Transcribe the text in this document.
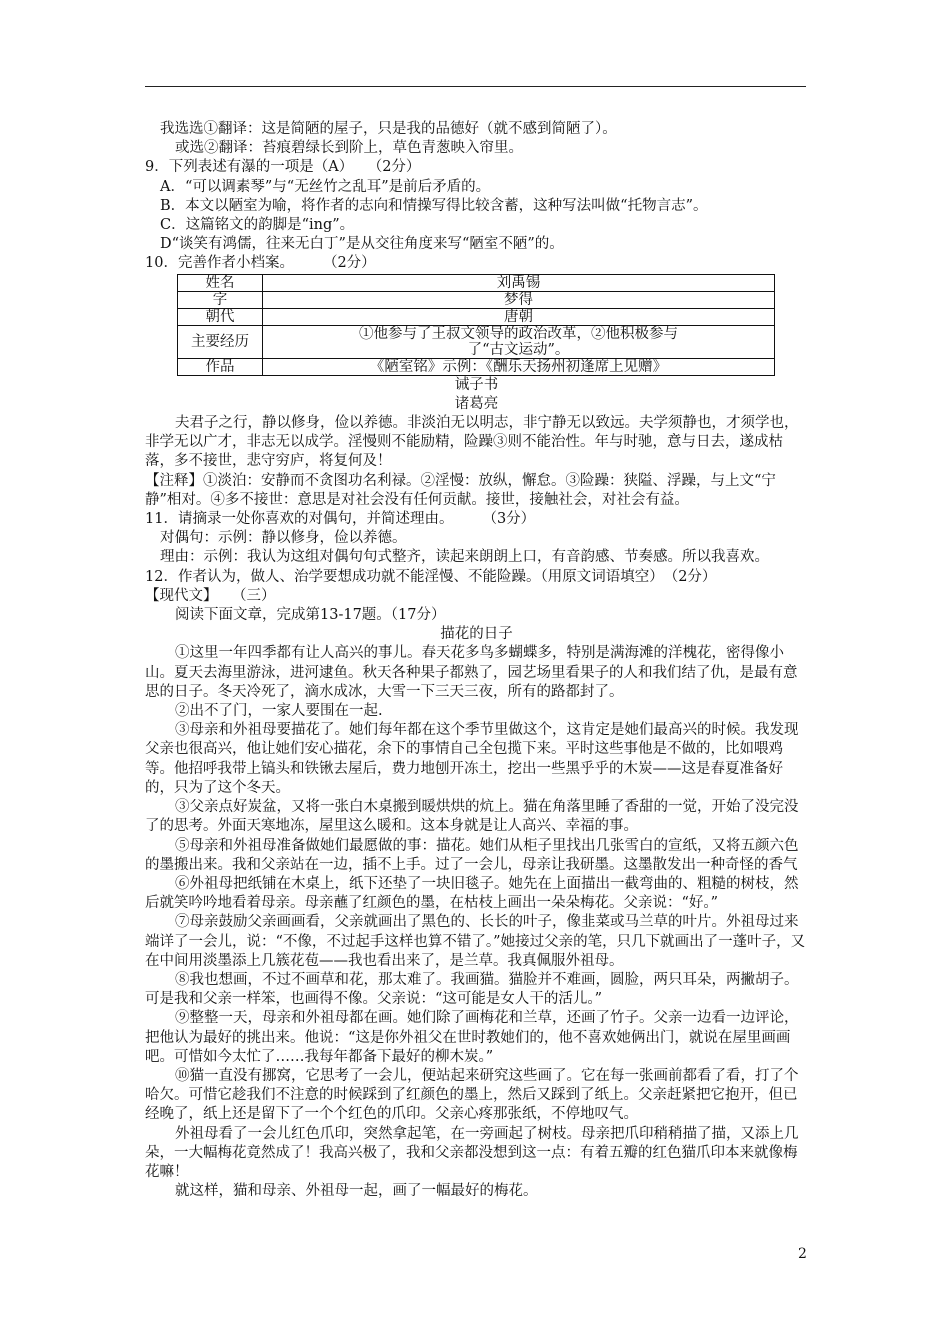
我选选①翻译：这是简陋的屋子，只是我的品德好（就不感到简陋了）。

或选②翻译：苔痕碧绿长到阶上，草色青葱映入帘里。

9．下列表述有瀑的一项是（A）　　（2分）

A．“可以调素琴”与“无丝竹之乱耳”是前后矛盾的。

B．本文以陋室为喻，将作者的志向和情操写得比较含蓄，这种写法叫做“托物言志”。

C．这篇铭文的韵脚是“ing”。

D“谈笑有鸿儒，往来无白丁”是从交往角度来写“陋室不陋”的。

10．完善作者小档案。　　　（2分）

姓名	刘禹锡
字	梦得
朝代	唐朝
主要经历	①他参与了王叔文领导的政治改革，②他积极参与了“古文运动”。
作品	《陋室铭》示例：《酬乐天扬州初逢席上见赠》

诫子书

诸葛亮

夫君子之行，静以修身，俭以养德。非淡泊无以明志，非宁静无以致远。夫学须静也，才须学也，非学无以广才，非志无以成学。淫慢则不能励精，险躁③则不能治性。年与时驰，意与日去，遂成枯落，多不接世，悲守穷庐，将复何及！

【注释】①淡泊：安静而不贪图功名利禄。②淫慢：放纵，懈怠。③险躁：狭隘、浮躁，与上文“宁静”相对。④多不接世：意思是对社会没有任何贡献。接世，接触社会，对社会有益。

11．请摘录一处你喜欢的对偶句，并简述理由。　　　（3分）

对偶句：示例：静以修身，俭以养德。

理由：示例：我认为这组对偶句句式整齐，读起来朗朗上口，有音韵感、节奏感。所以我喜欢。

12．作者认为，做人、治学要想成功就不能淫慢、不能险躁。（用原文词语填空）　（2分）

【现代文】　　（三）

阅读下面文章，完成第13-17题。（17分）

描花的日子

①这里一年四季都有让人高兴的事儿。春天花多鸟多蝴蝶多，特别是满海滩的洋槐花，密得像小山。夏天去海里游泳，进河逮鱼。秋天各种果子都熟了，园艺场里看果子的人和我们结了仇，是最有意思的日子。冬天冷死了，滴水成冰，大雪一下三天三夜，所有的路都封了。

②出不了门，一家人要围在一起.

③母亲和外祖母要描花了。她们每年都在这个季节里做这个，这肯定是她们最高兴的时候。我发现父亲也很高兴，他让她们安心描花，余下的事情自己全包揽下来。平时这些事他是不做的，比如喂鸡等。他招呼我带上镐头和铁锹去屋后，费力地刨开冻土，挖出一些黑乎乎的木炭——这是春夏准备好的，只为了这个冬天。

③父亲点好炭盆，又将一张白木桌搬到暖烘烘的炕上。猫在角落里睡了香甜的一觉，开始了没完没了的思考。外面天寒地冻，屋里这么暖和。这本身就是让人高兴、幸福的事。

⑤母亲和外祖母准备做她们最愿做的事：描花。她们从柜子里找出几张雪白的宣纸，又将五颜六色的墨搬出来。我和父亲站在一边，插不上手。过了一会儿，母亲让我研墨。这墨散发出一种奇怪的香气

⑥外祖母把纸铺在木桌上，纸下还垫了一块旧毯子。她先在上面描出一截弯曲的、粗糙的树枝，然后就笑吟吟地看着母亲。母亲蘸了红颜色的墨，在枯枝上画出一朵朵梅花。父亲说：“好。”

⑦母亲鼓励父亲画画看，父亲就画出了黑色的、长长的叶子，像韭菜或马兰草的叶片。外祖母过来端详了一会儿，说：“不像，不过起手这样也算不错了。”她接过父亲的笔，只几下就画出了一蓬叶子，又在中间用淡墨添上几簇花苞——我也看出来了，是兰草。我真佩服外祖母。

⑧我也想画，不过不画草和花，那太难了。我画猫。猫脸并不难画，圆脸，两只耳朵，两撇胡子。可是我和父亲一样笨，也画得不像。父亲说：“这可能是女人干的活儿。”

⑨整整一天，母亲和外祖母都在画。她们除了画梅花和兰草，还画了竹子。父亲一边看一边评论，把他认为最好的挑出来。他说：“这是你外祖父在世时教她们的，他不喜欢她俩出门，就说在屋里画画吧。可惜如今太忙了……我每年都备下最好的柳木炭。”

⑩猫一直没有挪窝，它思考了一会儿，便站起来研究这些画了。它在每一张画前都看了看，打了个哈欠。可惜它趁我们不注意的时候踩到了红颜色的墨上，然后又踩到了纸上。父亲赶紧把它抱开，但已经晚了，纸上还是留下了一个个红色的爪印。父亲心疼那张纸，不停地叹气。

外祖母看了一会儿红色爪印，突然拿起笔，在一旁画起了树枝。母亲把爪印稍稍描了描，又添上几朵，一大幅梅花竟然成了！我高兴极了，我和父亲都没想到这一点：有着五瓣的红色猫爪印本来就像梅花嘛！

就这样，猫和母亲、外祖母一起，画了一幅最好的梅花。

2
